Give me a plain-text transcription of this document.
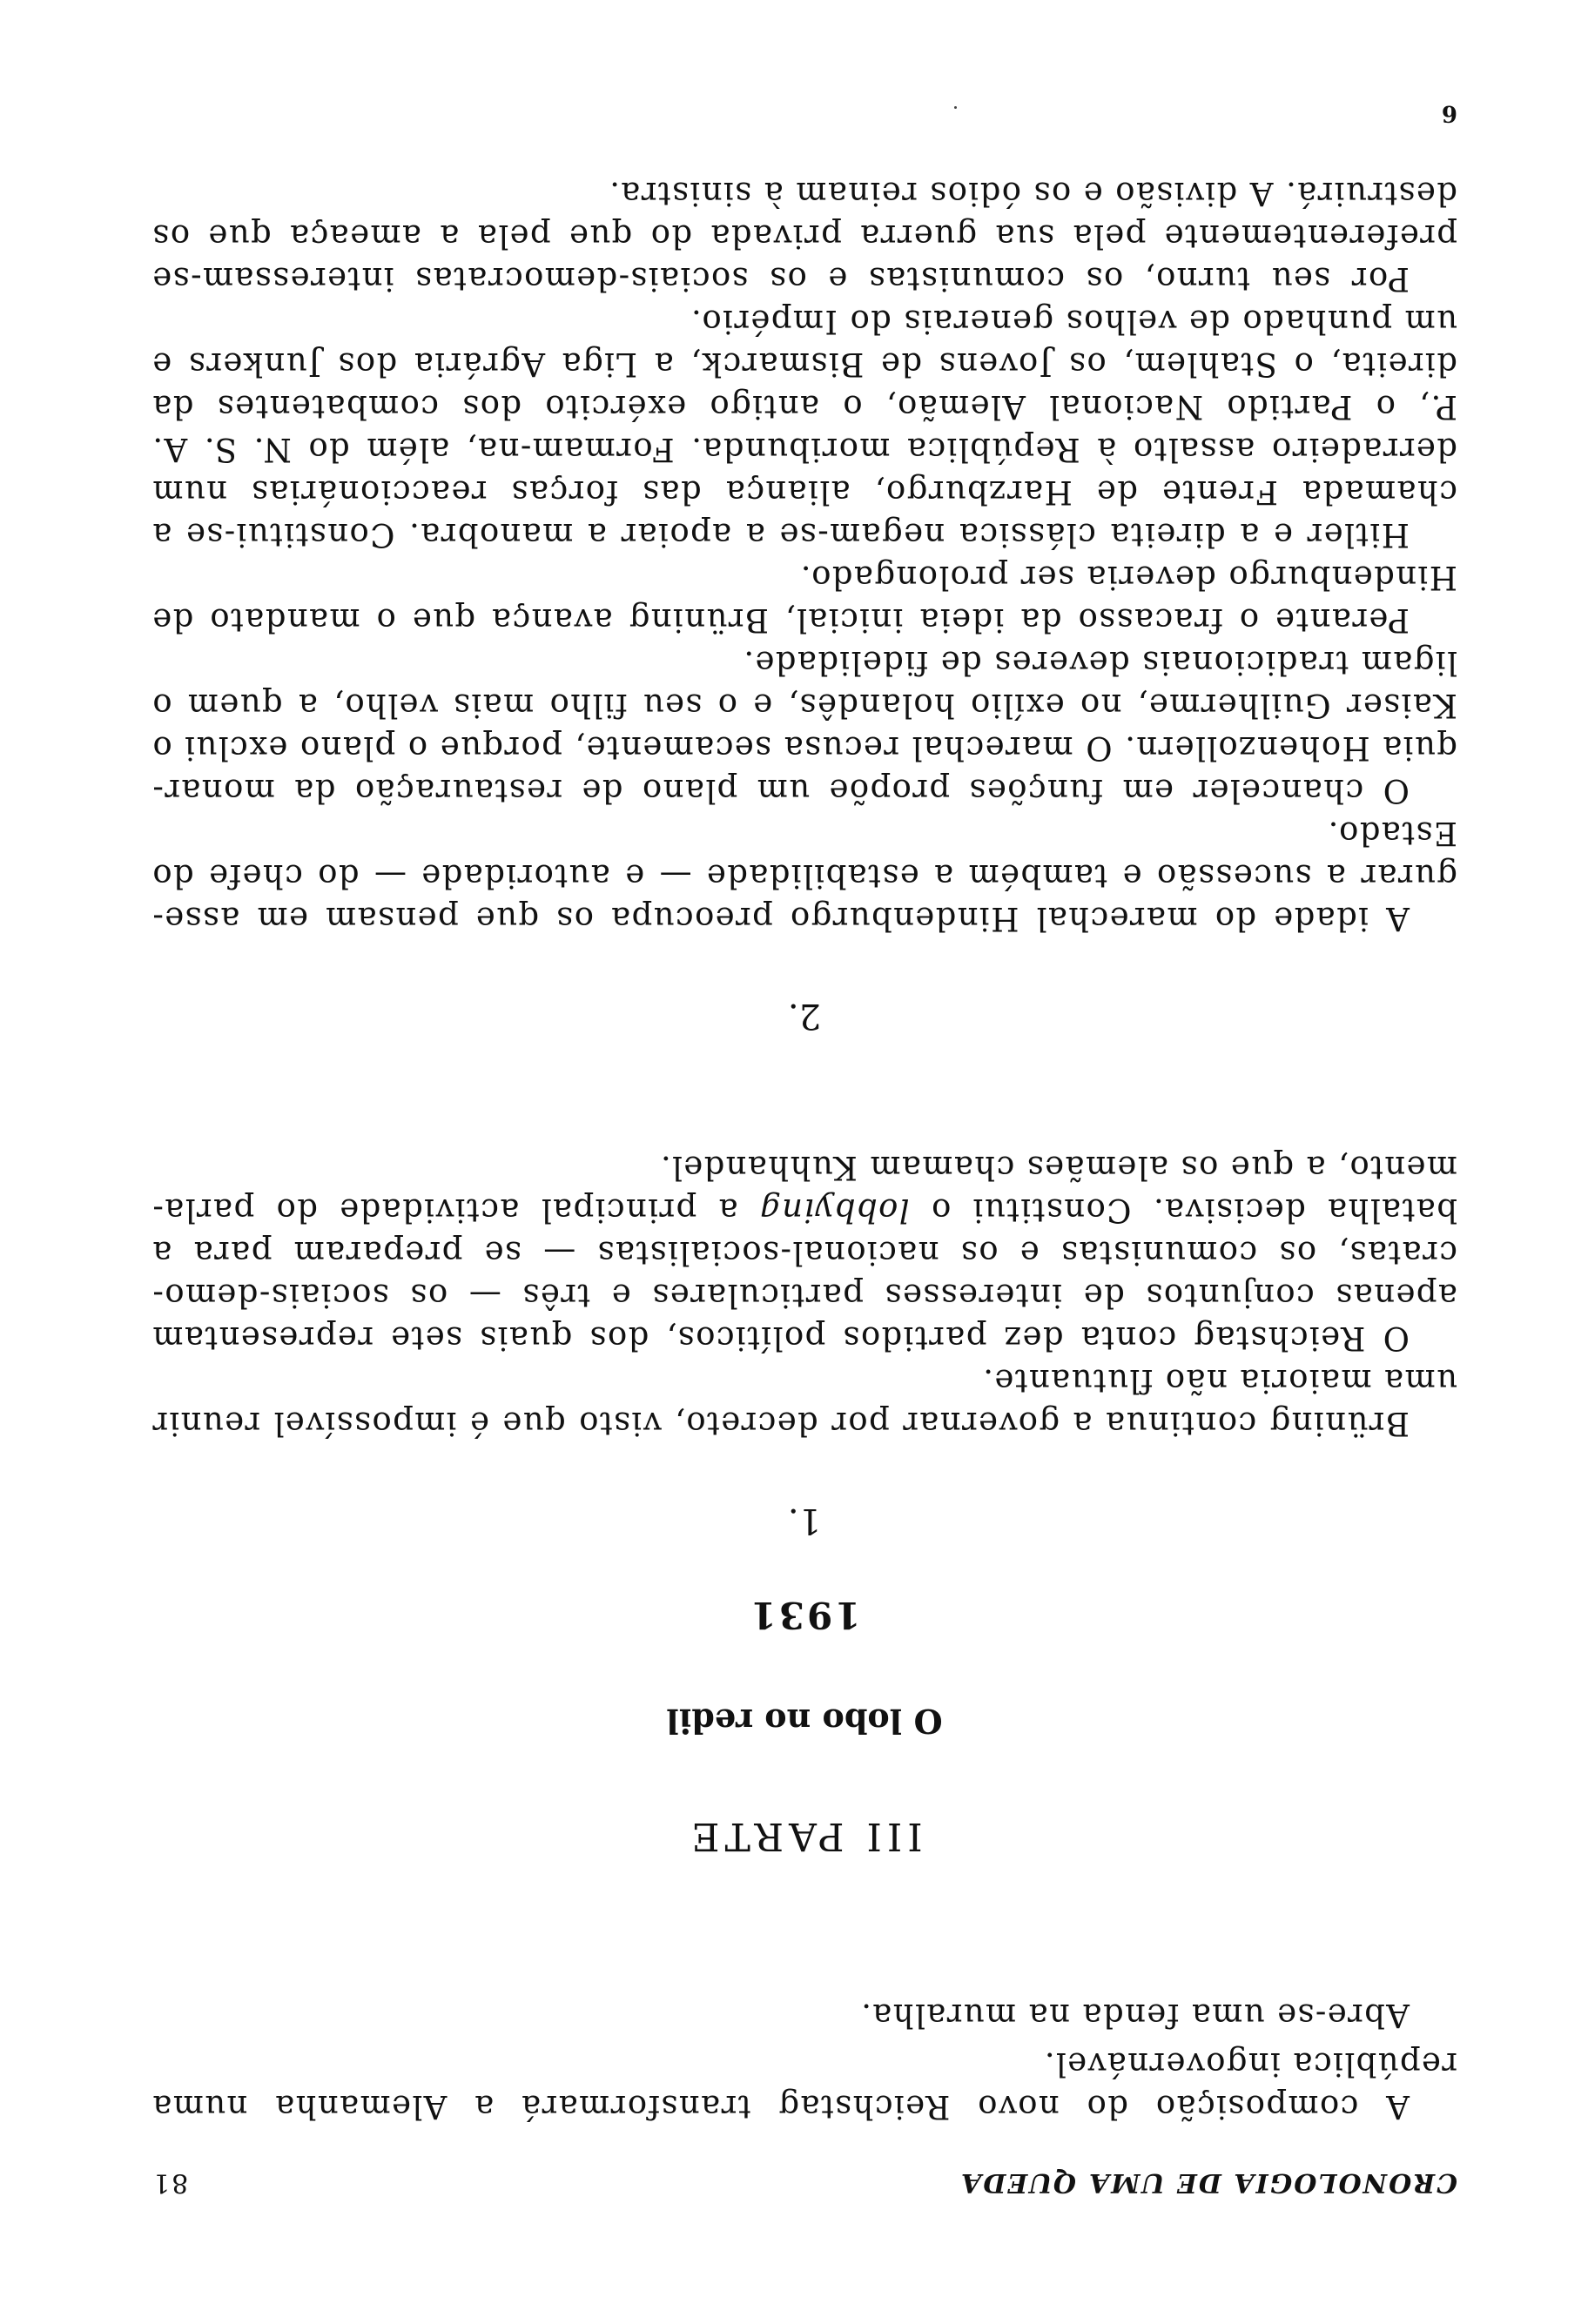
CRONOLOGIA DE UMA QUEDA
81

A composição do novo Reichstag transformará a Alemanha numa república ingovernável.

Abre-se uma fenda na muralha.

III PARTE
O lobo no redil
1931
1.

Brüning continua a governar por decreto, visto que é impossível reunir uma maioria não flutuante.

O Reichstag conta dez partidos políticos, dos quais sete representam apenas conjuntos de interesses particulares e três — os sociais-demo-cratas, os comunistas e os nacional-socialistas — se preparam para a batalha decisiva. Constitui o lobbying a principal actividade do parla-mento, a que os alemães chamam Kuhhandel.

2.

A idade do marechal Hindenburgo preocupa os que pensam em asse-gurar a sucessão e também a estabilidade — e autoridade — do chefe do Estado.

O chanceler em funções propõe um plano de restauração da monar-quia Hohenzollern. O marechal recusa secamente, porque o plano exclui o Kaiser Guilherme, no exílio holandês, e o seu filho mais velho, a quem o ligam tradicionais deveres de fidelidade.

Perante o fracasso da ideia inicial, Brüning avança que o mandato de Hindenburgo deveria ser prolongado.

Hitler e a direita clássica negam-se a apoiar a manobra. Constitui-se a chamada Frente de Harzburgo, aliança das forças reaccionárias num derradeiro assalto à República moribunda. Formam-na, além do N. S. A. P., o Partido Nacional Alemão, o antigo exército dos combatentes da direita, o Stahlem, os Jovens de Bismarck, a Liga Agrária dos Junkers e um punhado de velhos generais do Império.

Por seu turno, os comunistas e os sociais-democratas interessam-se preferentemente pela sua guerra privada do que pela a ameaça que os destruirá. A divisão e os ódios reinam à sinistra.

6
